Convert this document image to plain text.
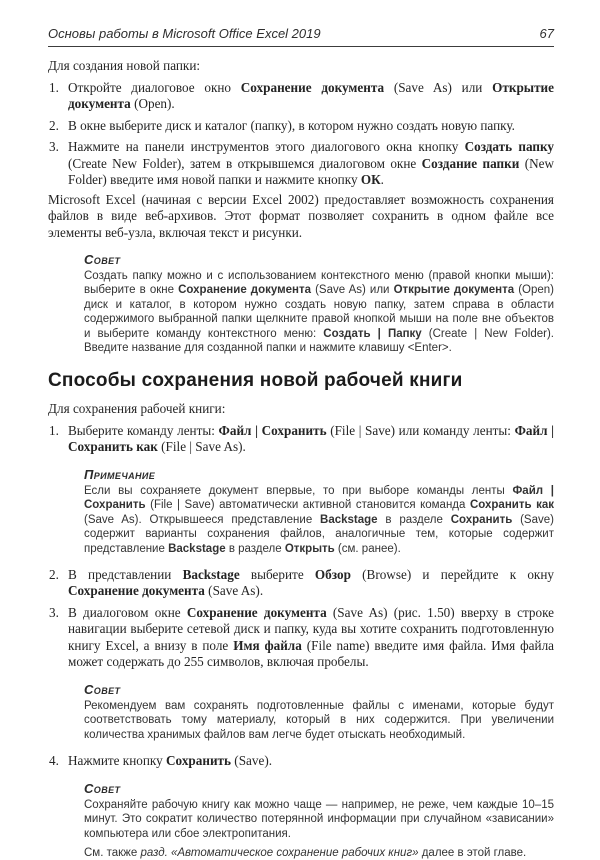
Основы работы в Microsoft Office Excel 2019	67

Для создания новой папки:

1. Откройте диалоговое окно Сохранение документа (Save As) или Открытие документа (Open).
2. В окне выберите диск и каталог (папку), в котором нужно создать новую папку.
3. Нажмите на панели инструментов этого диалогового окна кнопку Создать папку (Create New Folder), затем в открывшемся диалоговом окне Создание папки (New Folder) введите имя новой папки и нажмите кнопку ОК.

Microsoft Excel (начиная с версии Excel 2002) предоставляет возможность сохранения файлов в виде веб-архивов. Этот формат позволяет сохранить в одном файле все элементы веб-узла, включая текст и рисунки.

Совет
Создать папку можно и с использованием контекстного меню (правой кнопки мыши): выберите в окне Сохранение документа (Save As) или Открытие документа (Open) диск и каталог, в котором нужно создать новую папку, затем справа в области содержимого выбранной папки щелкните правой кнопкой мыши на поле вне объектов и выберите команду контекстного меню: Создать | Папку (Create | New Folder). Введите название для созданной папки и нажмите клавишу <Enter>.
Способы сохранения новой рабочей книги

Для сохранения рабочей книги:

1. Выберите команду ленты: Файл | Сохранить (File | Save) или команду ленты: Файл | Сохранить как (File | Save As).
Примечание
Если вы сохраняете документ впервые, то при выборе команды ленты Файл | Сохранить (File | Save) автоматически активной становится команда Сохранить как (Save As). Открывшееся представление Backstage в разделе Сохранить (Save) содержит варианты сохранения файлов, аналогичные тем, которые содержит представление Backstage в разделе Открыть (см. ранее).
2. В представлении Backstage выберите Обзор (Browse) и перейдите к окну Сохранение документа (Save As).
3. В диалоговом окне Сохранение документа (Save As) (рис. 1.50) вверху в строке навигации выберите сетевой диск и папку, куда вы хотите сохранить подготовленную книгу Excel, а внизу в поле Имя файла (File name) введите имя файла. Имя файла может содержать до 255 символов, включая пробелы.
Совет
Рекомендуем вам сохранять подготовленные файлы с именами, которые будут соответствовать тому материалу, который в них содержится. При увеличении количества хранимых файлов вам легче будет отыскать необходимый.
4. Нажмите кнопку Сохранить (Save).
Совет
Сохраняйте рабочую книгу как можно чаще — например, не реже, чем каждые 10–15 минут. Это сократит количество потерянной информации при случайном «зависании» компьютера или сбое электропитания.
См. также разд. «Автоматическое сохранение рабочих книг» далее в этой главе.
